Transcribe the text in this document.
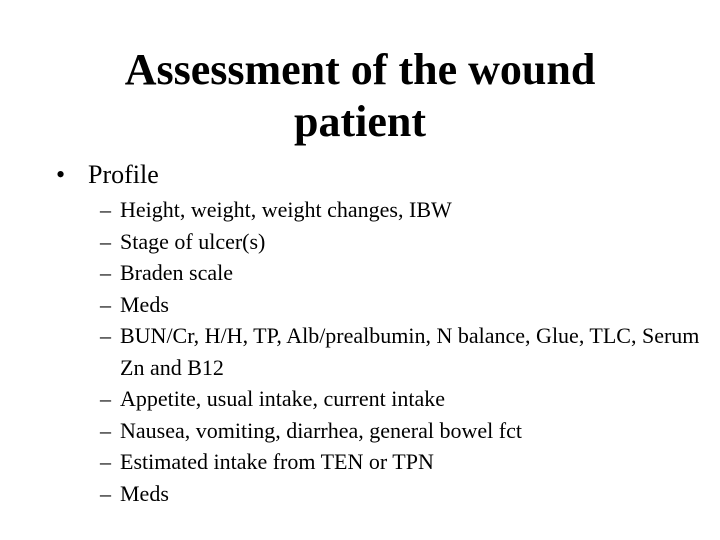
Assessment of the wound
patient
• Profile
– Height, weight, weight changes, IBW
– Stage of ulcer(s)
– Braden scale
– Meds
– BUN/Cr, H/H, TP, Alb/prealbumin, N balance, Glue, TLC, Serum Zn and B12
– Appetite, usual intake, current intake
– Nausea, vomiting, diarrhea, general bowel fct
– Estimated intake from TEN or TPN
– Meds
